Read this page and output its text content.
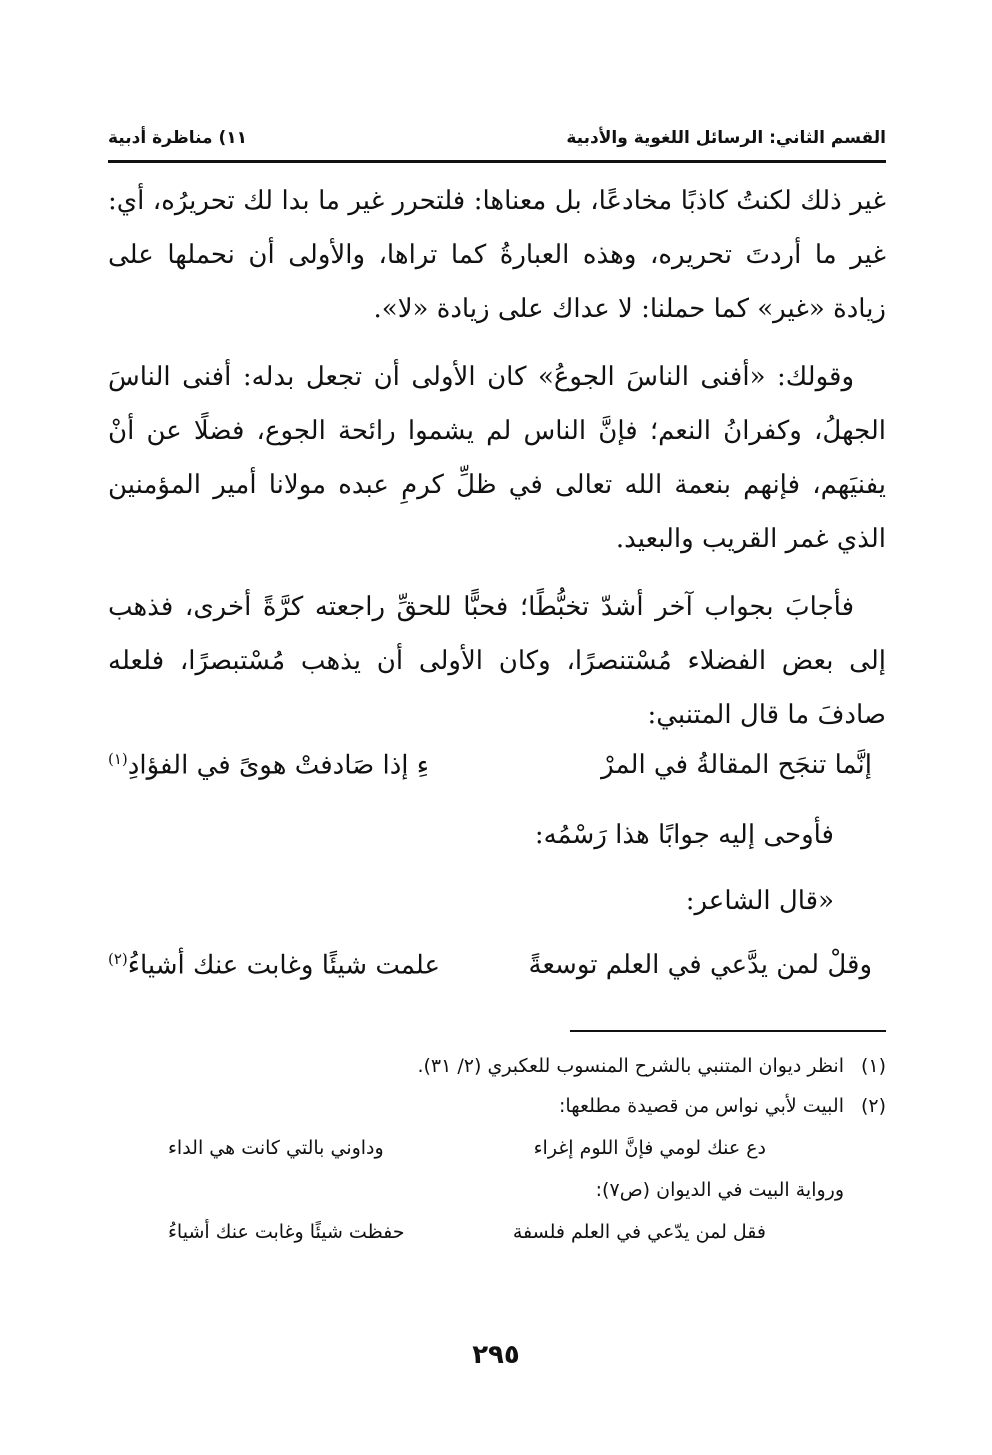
القسم الثاني: الرسائل اللغوية والأدبية
١١) مناظرة أدبية

غير ذلك لكنتُ كاذبًا مخادعًا، بل معناها: فلتحرر غير ما بدا لك تحريرُه، أي: غير ما أردتَ تحريره، وهذه العبارةُ كما تراها، والأولى أن نحملها على زيادة «غير» كما حملنا: لا عداك على زيادة «لا».

وقولك: «أفنى الناسَ الجوعُ» كان الأولى أن تجعل بدله: أفنى الناسَ الجهلُ، وكفرانُ النعم؛ فإنَّ الناس لم يشموا رائحة الجوع، فضلًا عن أنْ يفنيَهم، فإنهم بنعمة الله تعالى في ظلِّ كرمِ عبده مولانا أمير المؤمنين الذي غمر القريب والبعيد.

فأجابَ بجواب آخر أشدّ تخبُّطًا؛ فحبًّا للحقِّ راجعته كرَّةً أخرى، فذهب إلى بعض الفضلاء مُسْتنصرًا، وكان الأولى أن يذهب مُسْتبصرًا، فلعله صادفَ ما قال المتنبي:

إنَّما تنجَح المقالةُ في المرْ
ءِ إذا صَادفتْ هوىً في الفؤادِ$^{(١)}$
فأوحى إليه جوابًا هذا رَسْمُه:
«قال الشاعر:
وقلْ لمن يدَّعي في العلم توسعةً
علمت شيئًا وغابت عنك أشياءُ$^{(٢)}$
(١)انظر ديوان المتنبي بالشرح المنسوب للعكبري (٢/ ٣١).
(٢)البيت لأبي نواس من قصيدة مطلعها:
دع عنك لومي فإنَّ اللوم إغراء
وداوني بالتي كانت هي الداء
ورواية البيت في الديوان (ص٧):
فقل لمن يدّعي في العلم فلسفة
حفظت شيئًا وغابت عنك أشياءُ
٢٩٥
